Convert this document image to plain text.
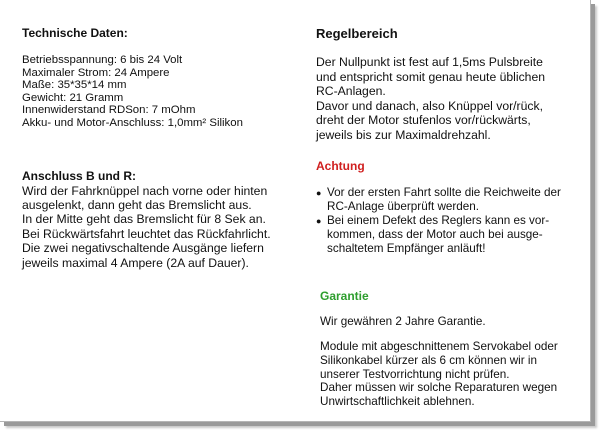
Technische Daten:
Betriebsspannung: 6 bis 24 Volt
Maximaler Strom: 24 Ampere
Maße: 35*35*14 mm
Gewicht: 21 Gramm
Innenwiderstand RDSon: 7 mOhm
Akku- und Motor-Anschluss: 1,0mm² Silikon
Anschluss B und R:
Wird der Fahrknüppel nach vorne oder hinten
ausgelenkt, dann geht das Bremslicht aus.
In der Mitte geht das Bremslicht für 8 Sek an.
Bei Rückwärtsfahrt leuchtet das Rückfahrlicht.
Die zwei negativschaltende Ausgänge liefern
jeweils maximal 4 Ampere (2A auf Dauer).
Regelbereich
Der Nullpunkt ist fest auf 1,5ms Pulsbreite
und entspricht somit genau heute üblichen
RC-Anlagen.
Davor und danach, also Knüppel vor/rück,
dreht der Motor stufenlos vor/rückwärts,
jeweils bis zur Maximaldrehzahl.
Achtung
● Vor der ersten Fahrt sollte die Reichweite der
RC-Anlage überprüft werden.
● Bei einem Defekt des Reglers kann es vor-
kommen, dass der Motor auch bei ausge-
schaltetem Empfänger anläuft!
Garantie
Wir gewähren 2 Jahre Garantie.
Module mit abgeschnittenem Servokabel oder
Silikonkabel kürzer als 6 cm können wir in
unserer Testvorrichtung nicht prüfen.
Daher müssen wir solche Reparaturen wegen
Unwirtschaftlichkeit ablehnen.
